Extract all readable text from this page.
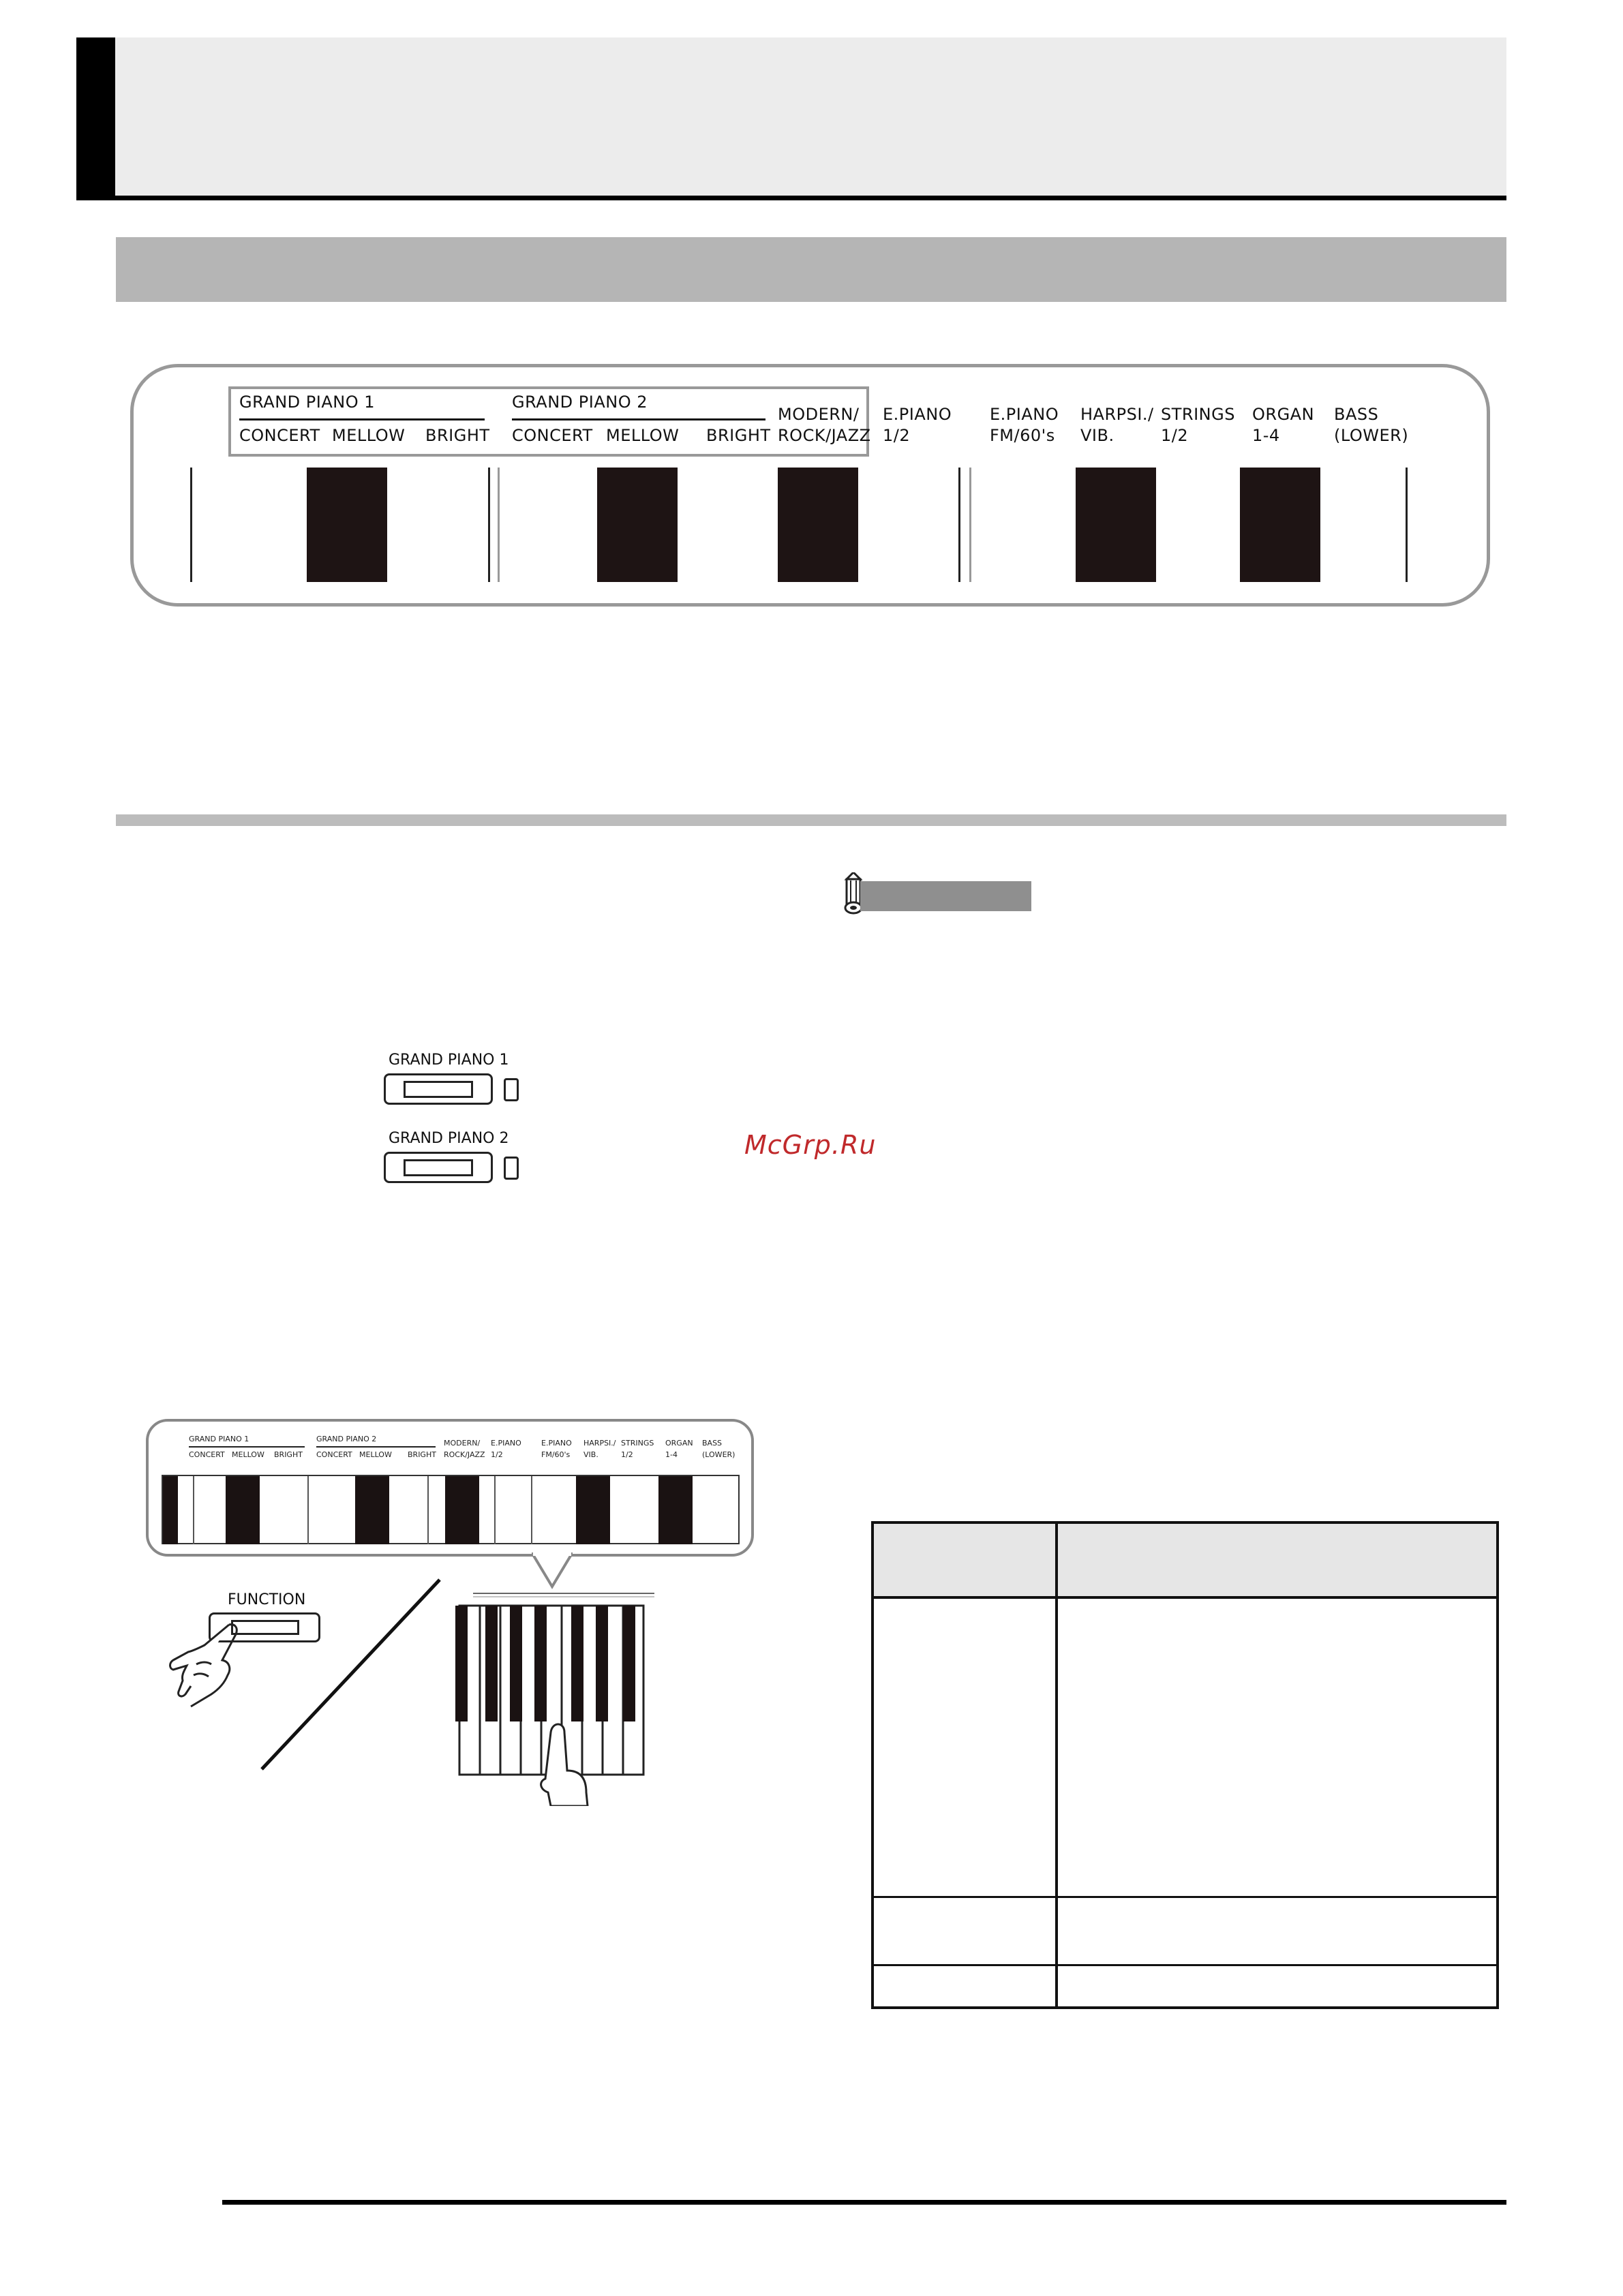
GRAND PIANO 1
CONCERT MELLOW BRIGHT
GRAND PIANO 2
CONCERT MELLOW BRIGHT
MODERN/
ROCK/JAZZ
E.PIANO
1/2
E.PIANO
FM/60's
HARPSI./
VIB.
STRINGS
1/2
ORGAN
1-4
BASS
(LOWER)
GRAND PIANO 1
GRAND PIANO 2	McGrp.Ru
GRAND PIANO 1
CONCERT MELLOW BRIGHT
GRAND PIANO 2
CONCERT MELLOW BRIGHT
MODERN/
ROCK/JAZZ
E.PIANO
1/2
E.PIANO
FM/60's
HARPSI./
VIB.
STRINGS
1/2
ORGAN
1-4
BASS
(LOWER)
FUNCTION
